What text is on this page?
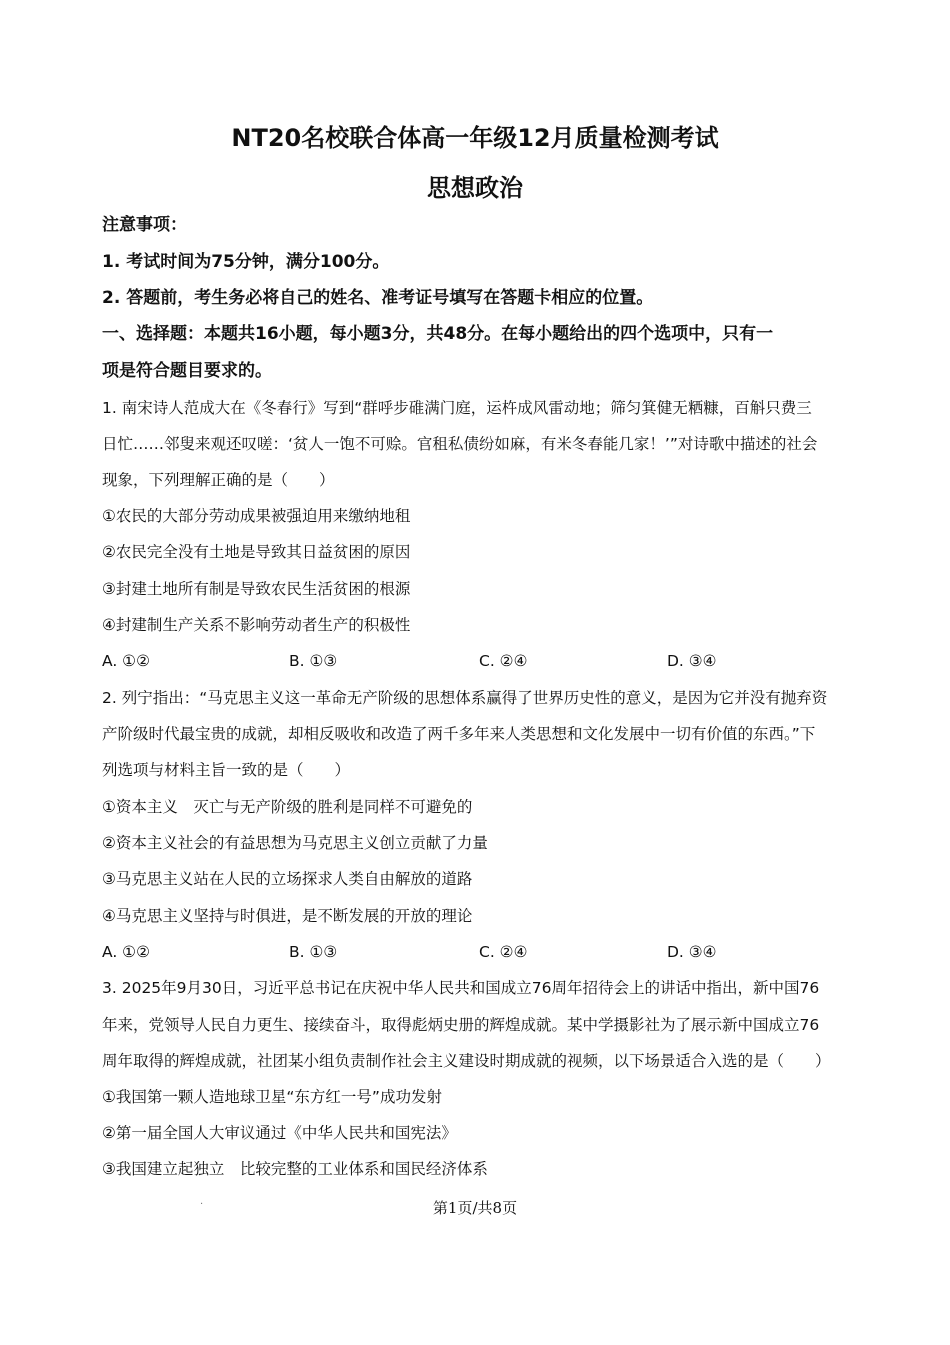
NT20名校联合体高一年级12月质量检测考试
思想政治
注意事项：
1. 考试时间为75分钟，满分100分。
2. 答题前，考生务必将自己的姓名、准考证号填写在答题卡相应的位置。
一、选择题：本题共16小题，每小题3分，共48分。在每小题给出的四个选项中，只有一
项是符合题目要求的。
1. 南宋诗人范成大在《冬春行》写到“群呼步碓满门庭，运杵成风雷动地；筛匀箕健无粞糠，百斛只费三
日忙……邻叟来观还叹嗟：‘贫人一饱不可赊。官租私债纷如麻，有米冬春能几家！’”对诗歌中描述的社会
现象，下列理解正确的是（　　）
①农民的大部分劳动成果被强迫用来缴纳地租
②农民完全没有土地是导致其日益贫困的原因
③封建土地所有制是导致农民生活贫困的根源
④封建制生产关系不影响劳动者生产的积极性
A. ①②	B. ①③	C. ②④	D. ③④
2. 列宁指出：“马克思主义这一革命无产阶级的思想体系赢得了世界历史性的意义，是因为它并没有抛弃资
产阶级时代最宝贵的成就，却相反吸收和改造了两千多年来人类思想和文化发展中一切有价值的东西。”下
列选项与材料主旨一致的是（　　）
①资本主义　灭亡与无产阶级的胜利是同样不可避免的
②资本主义社会的有益思想为马克思主义创立贡献了力量
③马克思主义站在人民的立场探求人类自由解放的道路
④马克思主义坚持与时俱进，是不断发展的开放的理论
A. ①②	B. ①③	C. ②④	D. ③④
3. 2025年9月30日，习近平总书记在庆祝中华人民共和国成立76周年招待会上的讲话中指出，新中国76
年来，党领导人民自力更生、接续奋斗，取得彪炳史册的辉煌成就。某中学摄影社为了展示新中国成立76
周年取得的辉煌成就，社团某小组负责制作社会主义建设时期成就的视频，以下场景适合入选的是（　　）
①我国第一颗人造地球卫星“东方红一号”成功发射
②第一届全国人大审议通过《中华人民共和国宪法》
③我国建立起独立　比较完整的工业体系和国民经济体系
·	第1页/共8页
